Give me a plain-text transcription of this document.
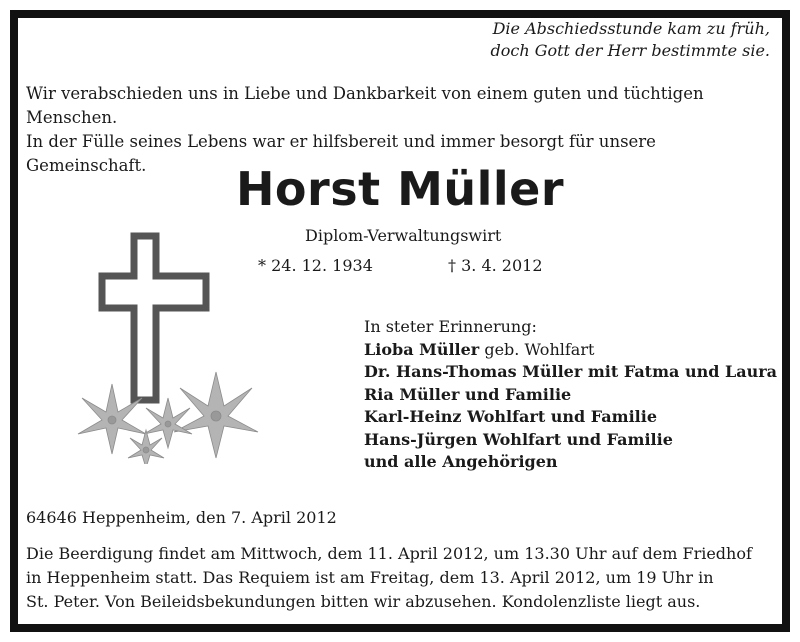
Die Abschiedsstunde kam zu früh,
doch Gott der Herr bestimmte sie.
Wir verabschieden uns in Liebe und Dankbarkeit von einem guten und tüchtigen Menschen.
In der Fülle seines Lebens war er hilfsbereit und immer besorgt für unsere Gemeinschaft.	Horst Müller
Diplom-Verwaltungswirt
* 24. 12. 1934	† 3. 4. 2012
In steter Erinnerung:
Lioba Müller geb. Wohlfart
Dr. Hans-Thomas Müller mit Fatma und Laura
Ria Müller und Familie
Karl-Heinz Wohlfart und Familie
Hans-Jürgen Wohlfart und Familie
und alle Angehörigen
64646 Heppenheim, den 7. April 2012
Die Beerdigung findet am Mittwoch, dem 11. April 2012, um 13.30 Uhr auf dem Friedhof
in Heppenheim statt. Das Requiem ist am Freitag, dem 13. April 2012, um 19 Uhr in
St. Peter. Von Beileidsbekundungen bitten wir abzusehen. Kondolenzliste liegt aus.
